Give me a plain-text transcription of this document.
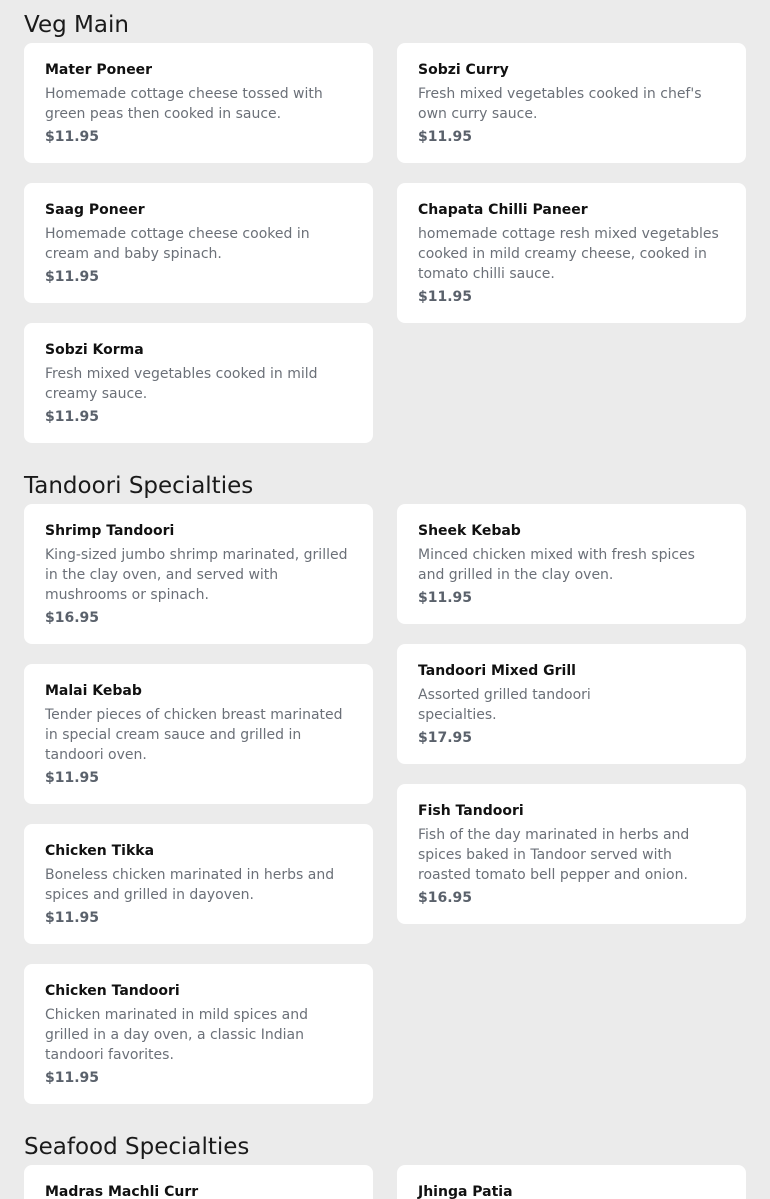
Veg Main
Mater Poneer
Homemade cottage cheese tossed with green peas then cooked in sauce.
$11.95
Sobzi Curry
Fresh mixed vegetables cooked in chef's own curry sauce.
$11.95
Saag Poneer
Homemade cottage cheese cooked in cream and baby spinach.
$11.95
Chapata Chilli Paneer
homemade cottage resh mixed vegetables cooked in mild creamy cheese, cooked in tomato chilli sauce.
$11.95
Sobzi Korma
Fresh mixed vegetables cooked in mild creamy sauce.
$11.95
Tandoori Specialties
Shrimp Tandoori
King-sized jumbo shrimp marinated, grilled in the clay oven, and served with mushrooms or spinach.
$16.95
Sheek Kebab
Minced chicken mixed with fresh spices and grilled in the clay oven.
$11.95
Malai Kebab
Tender pieces of chicken breast marinated in special cream sauce and grilled in tandoori oven.
$11.95
Tandoori Mixed Grill
Assorted grilled tandoori specialties.
$17.95
Chicken Tikka
Boneless chicken marinated in herbs and spices and grilled in dayoven.
$11.95
Fish Tandoori
Fish of the day marinated in herbs and spices baked in Tandoor served with roasted tomato bell pepper and onion.
$16.95
Chicken Tandoori
Chicken marinated in mild spices and grilled in a day oven, a classic Indian tandoori favorites.
$11.95
Seafood Specialties
Madras Machli Curr	Jhinga Patia
